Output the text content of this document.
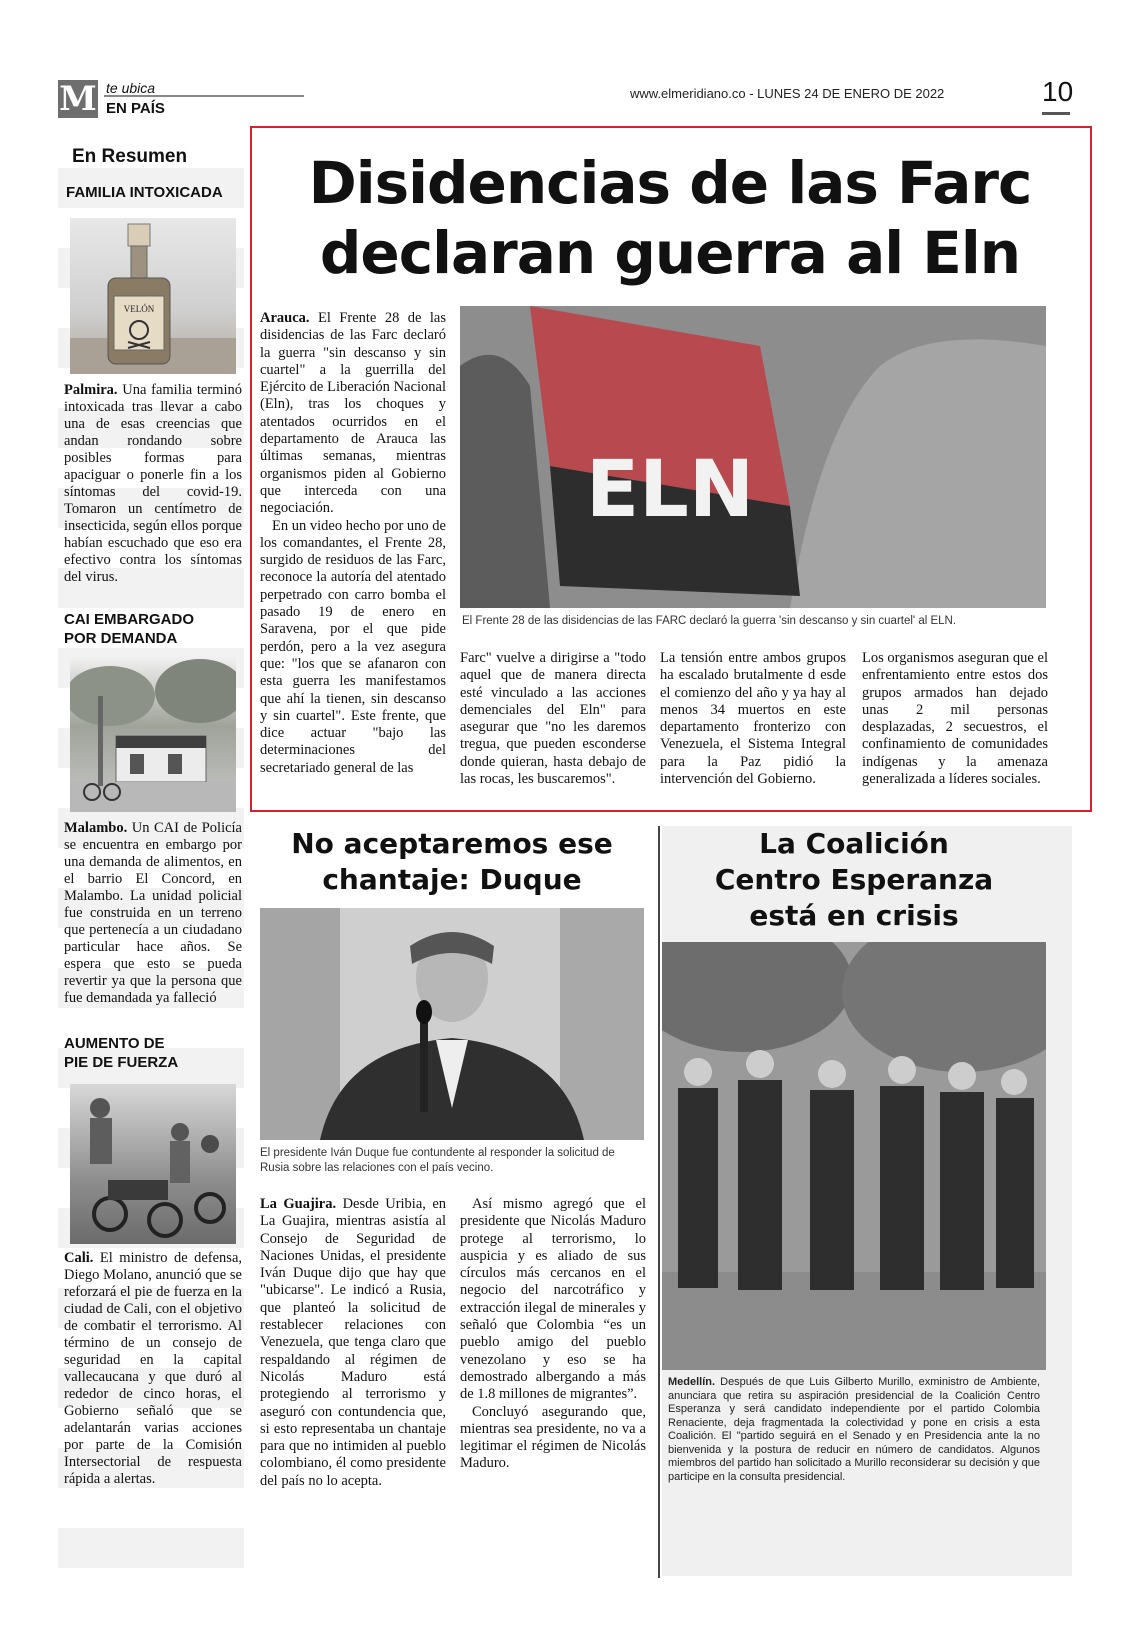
M te ubica
EN PAÍS
www.elmeridiano.co - LUNES 24 DE ENERO DE 2022	10
En Resumen
FAMILIA INTOXICADA
VELÓN
Palmira. Una familia terminó intoxicada tras llevar a cabo una de esas creencias que andan rondando sobre posibles formas para apaciguar o ponerle fin a los síntomas del covid-19. Tomaron un centímetro de insecticida, según ellos porque habían escuchado que eso era efectivo contra los síntomas del virus.
CAI EMBARGADO
POR DEMANDA
Malambo. Un CAI de Policía se encuentra en embargo por una demanda de alimentos, en el barrio El Concord, en Malambo. La unidad policial fue construida en un terreno que pertenecía a un ciudadano particular hace años. Se espera que esto se pueda revertir ya que la persona que fue demandada ya falleció
AUMENTO DE
PIE DE FUERZA
Cali. El ministro de defensa, Diego Molano, anunció que se reforzará el pie de fuerza en la ciudad de Cali, con el objetivo de combatir el terrorismo. Al término de un consejo de seguridad en la capital vallecaucana y que duró al rededor de cinco horas, el Gobierno señaló que se adelantarán varias acciones por parte de la Comisión Intersectorial de respuesta rápida a alertas.
Disidencias de las Farc
declaran guerra al Eln
Arauca. El Frente 28 de las disidencias de las Farc declaró la guerra "sin descanso y sin cuartel" a la guerrilla del Ejército de Liberación Nacional (Eln), tras los choques y atentados ocurridos en el departamento de Arauca las últimas semanas, mientras organismos piden al Gobierno que interceda con una negociación.
En un video hecho por uno de los comandantes, el Frente 28, surgido de residuos de las Farc, reconoce la autoría del atentado perpetrado con carro bomba el pasado 19 de enero en Saravena, por el que pide perdón, pero a la vez asegura que: "los que se afanaron con esta guerra les manifestamos que ahí la tienen, sin descanso y sin cuartel". Este frente, que dice actuar "bajo las determinaciones del secretariado general de las
ELN
El Frente 28 de las disidencias de las FARC declaró la guerra 'sin descanso y sin cuartel' al ELN.
Farc" vuelve a dirigirse a "todo aquel que de manera directa esté vinculado a las acciones demenciales del Eln" para asegurar que "no les daremos tregua, que pueden esconderse donde quieran, hasta debajo de las rocas, les buscaremos".
La tensión entre ambos grupos ha escalado brutalmente d esde el comienzo del año y ya hay al menos 34 muertos en este departamento fronterizo con Venezuela, el Sistema Integral para la Paz pidió la intervención del Gobierno.
Los organismos aseguran que el enfrentamiento entre estos dos grupos armados han dejado unas 2 mil personas desplazadas, 2 secuestros, el confinamiento de comunidades indígenas y la amenaza generalizada a líderes sociales.
No aceptaremos ese
chantaje: Duque
El presidente Iván Duque fue contundente al responder la solicitud de Rusia sobre las relaciones con el país vecino.
La Guajira. Desde Uribia, en La Guajira, mientras asistía al Consejo de Seguridad de Naciones Unidas, el presidente Iván Duque dijo que hay que "ubicarse". Le indicó a Rusia, que planteó la solicitud de restablecer relaciones con Venezuela, que tenga claro que respaldando al régimen de Nicolás Maduro está protegiendo al terrorismo y aseguró con contundencia que, si esto representaba un chantaje para que no intimiden al pueblo colombiano, él como presidente del país no lo acepta.
Así mismo agregó que el presidente que Nicolás Maduro protege al terrorismo, lo auspicia y es aliado de sus círculos más cercanos en el negocio del narcotráfico y extracción ilegal de minerales y señaló que Colombia “es un pueblo amigo del pueblo venezolano y eso se ha demostrado albergando a más de 1.8 millones de migrantes”.
Concluyó asegurando que, mientras sea presidente, no va a legitimar el régimen de Nicolás Maduro.
La Coalición
Centro Esperanza
está en crisis
Medellín. Después de que Luis Gilberto Murillo, exministro de Ambiente, anunciara que retira su aspiración presidencial de la Coalición Centro Esperanza y será candidato independiente por el partido Colombia Renaciente, deja fragmentada la colectividad y pone en crisis a esta Coalición. El "partido seguirá en el Senado y en Presidencia ante la no bienvenida y la postura de reducir en número de candidatos. Algunos miembros del partido han solicitado a Murillo reconsiderar su decisión y que participe en la consulta presidencial.
